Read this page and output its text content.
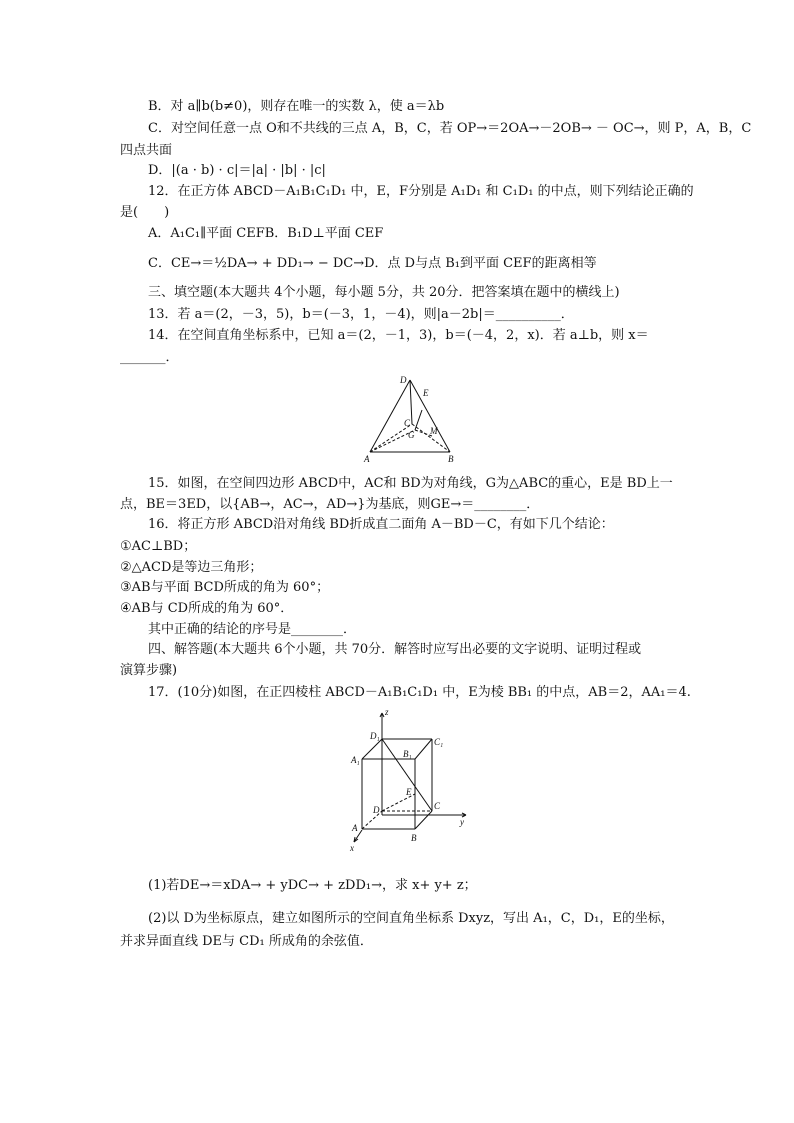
B．对 a∥b(b≠0)，则存在唯一的实数 λ，使 a＝λb
C．对空间任意一点 O和不共线的三点 A，B，C，若 OP→＝2OA→－2OB→ － OC→，则 P，A，B，C
四点共面
D．|(a · b) · c|＝|a| · |b| · |c|
12．在正方体 ABCD－A₁B₁C₁D₁ 中，E，F分别是 A₁D₁ 和 C₁D₁ 的中点，则下列结论正确的
是(　　)
A．A₁C₁∥平面 CEFB．B₁D⊥平面 CEF
C．CE→＝½DA→ + DD₁→ − DC→D．点 D与点 B₁到平面 CEF的距离相等
三、填空题(本大题共 4个小题，每小题 5分，共 20分．把答案填在题中的横线上)
13．若 a＝(2，－3，5)，b＝(－3，1，－4)，则|a－2b|＝__________．
14．在空间直角坐标系中，已知 a＝(2，－1，3)，b＝(－4，2，x)．若 a⊥b，则 x＝
_______．
D
E
C
G M
A	B
15．如图，在空间四边形 ABCD中，AC和 BD为对角线，G为△ABC的重心，E是 BD上一
点，BE＝3ED，以{AB→，AC→，AD→}为基底，则GE→＝________．
16．将正方形 ABCD沿对角线 BD折成直二面角 A－BD－C，有如下几个结论：
①AC⊥BD；
②△ACD是等边三角形；
③AB与平面 BCD所成的角为 60°；
④AB与 CD所成的角为 60°．
其中正确的结论的序号是________．
四、解答题(本大题共 6个小题，共 70分．解答时应写出必要的文字说明、证明过程或
演算步骤)
17．(10分)如图，在正四棱柱 ABCD－A₁B₁C₁D₁ 中，E为棱 BB₁ 的中点，AB＝2，AA₁＝4.
z
y
x
D₁
C₁
B₁
A₁
E
D	C
A
B
(1)若DE→＝xDA→ + yDC→ + zDD₁→，求 x+ y+ z；
(2)以 D为坐标原点，建立如图所示的空间直角坐标系 Dxyz，写出 A₁，C，D₁，E的坐标，
并求异面直线 DE与 CD₁ 所成角的余弦值．
